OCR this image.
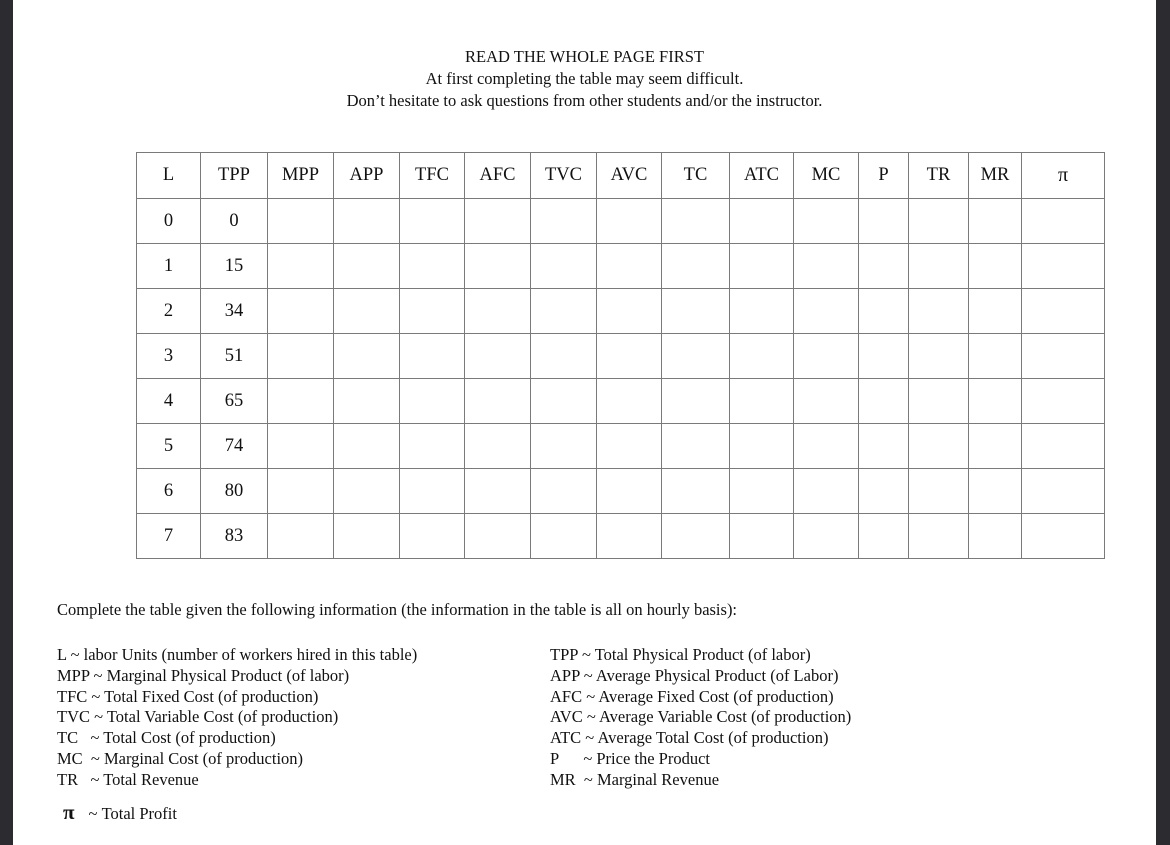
READ THE WHOLE PAGE FIRST
At first completing the table may seem difficult.
Don’t hesitate to ask questions from other students and/or the instructor.
L	TPP	MPP	APP	TFC	AFC	TVC	AVC	TC	ATC	MC	P	TR	MR	π
0	0													
1	15													
2	34													
3	51													
4	65													
5	74													
6	80													
7	83													
Complete the table given the following information (the information in the table is all on hourly basis):
L ~ labor Units (number of workers hired in this table)
MPP ~ Marginal Physical Product (of labor)
TFC ~ Total Fixed Cost (of production)
TVC ~ Total Variable Cost (of production)
TC   ~ Total Cost (of production)
MC  ~ Marginal Cost (of production)
TR   ~ Total Revenue
TPP ~ Total Physical Product (of labor)
APP ~ Average Physical Product (of Labor)
AFC ~ Average Fixed Cost (of production)
AVC ~ Average Variable Cost (of production)
ATC ~ Average Total Cost (of production)
P      ~ Price the Product
MR  ~ Marginal Revenue
π ~ Total Profit
